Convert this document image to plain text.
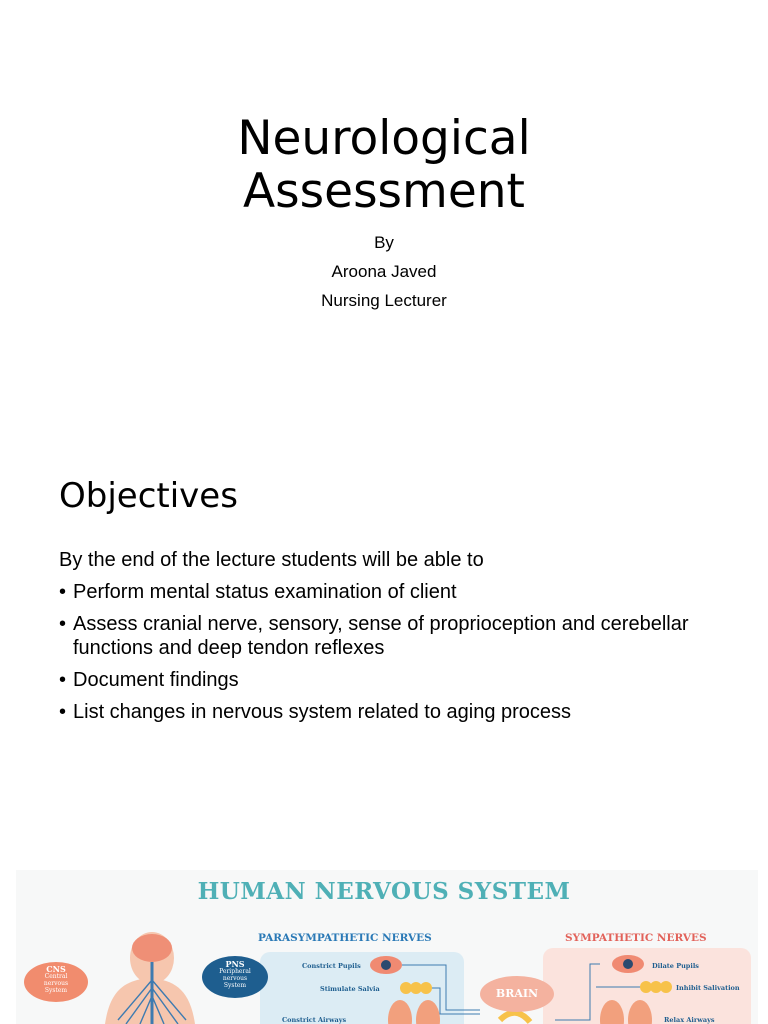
Neurological
Assessment
By
Aroona Javed
Nursing Lecturer
Objectives
By the end of the lecture students will be able to
• Perform mental status examination of client
• Assess cranial nerve, sensory, sense of proprioception and cerebellar functions and deep tendon reflexes
• Document findings
• List changes in nervous system related to aging process
HUMAN NERVOUS SYSTEM
PARASYMPATHETIC NERVES	SYMPATHETIC NERVES
CNS
Central
nervous
System
PNS
Peripheral
nervous
System
BRAIN
Constrict Pupils
Stimulate Salvia
Constrict Airways
Dilate Pupils
Inhibit Salivation
Relax Airways
